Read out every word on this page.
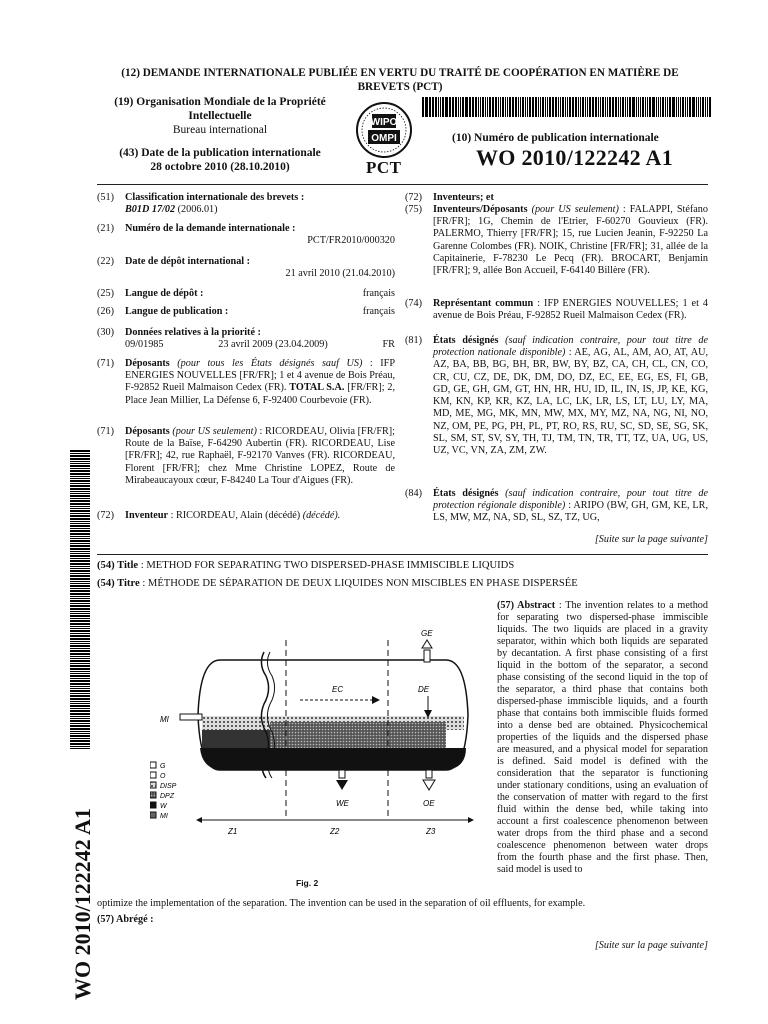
(12) DEMANDE INTERNATIONALE PUBLIÉE EN VERTU DU TRAITÉ DE COOPÉRATION EN MATIÈRE DE
BREVETS (PCT)
(19) Organisation Mondiale de la Propriété
Intellectuelle
Bureau international
(43) Date de la publication internationale
28 octobre 2010 (28.10.2010)
WIPO
OMPI
PCT
(10) Numéro de publication internationale
WO 2010/122242 A1
(51) Classification internationale des brevets :
B01D 17/02 (2006.01)
(21) Numéro de la demande internationale :
PCT/FR2010/000320
(22) Date de dépôt international :
21 avril 2010 (21.04.2010)
(25) Langue de dépôt :	français
(26) Langue de publication :	français
(30) Données relatives à la priorité :
09/01985	23 avril 2009 (23.04.2009)	FR
(71) Déposants (pour tous les États désignés sauf US) : IFP ENERGIES NOUVELLES [FR/FR]; 1 et 4 avenue de Bois Préau, F-92852 Rueil Malmaison Cedex (FR). TOTAL S.A. [FR/FR]; 2, Place Jean Millier, La Défense 6, F-92400 Courbevoie (FR).
(71) Déposants (pour US seulement) : RICORDEAU, Olivia [FR/FR]; Route de la Baïse, F-64290 Aubertin (FR). RICORDEAU, Lise [FR/FR]; 42, rue Raphaël, F-92170 Vanves (FR). RICORDEAU, Florent [FR/FR]; chez Mme Christine LOPEZ, Route de Mirabeaucayoux cœur, F-84240 La Tour d'Aigues (FR).
(72) Inventeur : RICORDEAU, Alain (décédé) (décédé).
(72) Inventeurs; et
(75) Inventeurs/Déposants (pour US seulement) : FALAPPI, Stéfano [FR/FR]; 1G, Chemin de l'Etrier, F-60270 Gouvieux (FR). PALERMO, Thierry [FR/FR]; 15, rue Lucien Jeanin, F-92250 La Garenne Colombes (FR). NOIK, Christine [FR/FR]; 31, allée de la Capitainerie, F-78230 Le Pecq (FR). BROCART, Benjamin [FR/FR]; 9, allée Bon Accueil, F-64140 Billère (FR).
(74) Représentant commun : IFP ENERGIES NOUVELLES; 1 et 4 avenue de Bois Préau, F-92852 Rueil Malmaison Cedex (FR).
(81) États désignés (sauf indication contraire, pour tout titre de protection nationale disponible) : AE, AG, AL, AM, AO, AT, AU, AZ, BA, BB, BG, BH, BR, BW, BY, BZ, CA, CH, CL, CN, CO, CR, CU, CZ, DE, DK, DM, DO, DZ, EC, EE, EG, ES, FI, GB, GD, GE, GH, GM, GT, HN, HR, HU, ID, IL, IN, IS, JP, KE, KG, KM, KN, KP, KR, KZ, LA, LC, LK, LR, LS, LT, LU, LY, MA, MD, ME, MG, MK, MN, MW, MX, MY, MZ, NA, NG, NI, NO, NZ, OM, PE, PG, PH, PL, PT, RO, RS, RU, SC, SD, SE, SG, SK, SL, SM, ST, SV, SY, TH, TJ, TM, TN, TR, TT, TZ, UA, UG, US, UZ, VC, VN, ZA, ZM, ZW.
(84) États désignés (sauf indication contraire, pour tout titre de protection régionale disponible) : ARIPO (BW, GH, GM, KE, LR, LS, MW, MZ, NA, SD, SL, SZ, TZ, UG,
[Suite sur la page suivante]
(54) Title : METHOD FOR SEPARATING TWO DISPERSED-PHASE IMMISCIBLE LIQUIDS
(54) Titre : MÉTHODE DE SÉPARATION DE DEUX LIQUIDES NON MISCIBLES EN PHASE DISPERSÉE
WO 2010/122242 A1
MI
GE
EC	DE
WE	OE
Z1	Z2	Z3
G
O
DISP
DPZ
W
MI
Fig. 2
(57) Abstract : The invention relates to a method for separating two dispersed-phase immiscible liquids. The two liquids are placed in a gravity separator, within which both liquids are separated by decantation. A first phase consisting of a first liquid in the bottom of the separator, a second phase consisting of the second liquid in the top of the separator, a third phase that contains both dispersed-phase immiscible liquids, and a fourth phase that contains both immiscible fluids formed into a dense bed are obtained. Physicochemical properties of the liquids and the dispersed phase are measured, and a physical model for separation is defined. Said model is defined with the consideration that the separator is functioning under stationary conditions, using an evaluation of the conservation of matter with regard to the first fluid within the dense bed, while taking into account a first coalescence phenomenon between water drops from the third phase and a second coalescence phenomenon between water drops from the fourth phase and the first phase. Then, said model is used to
optimize the implementation of the separation. The invention can be used in the separation of oil effluents, for example.
(57) Abrégé :
[Suite sur la page suivante]
